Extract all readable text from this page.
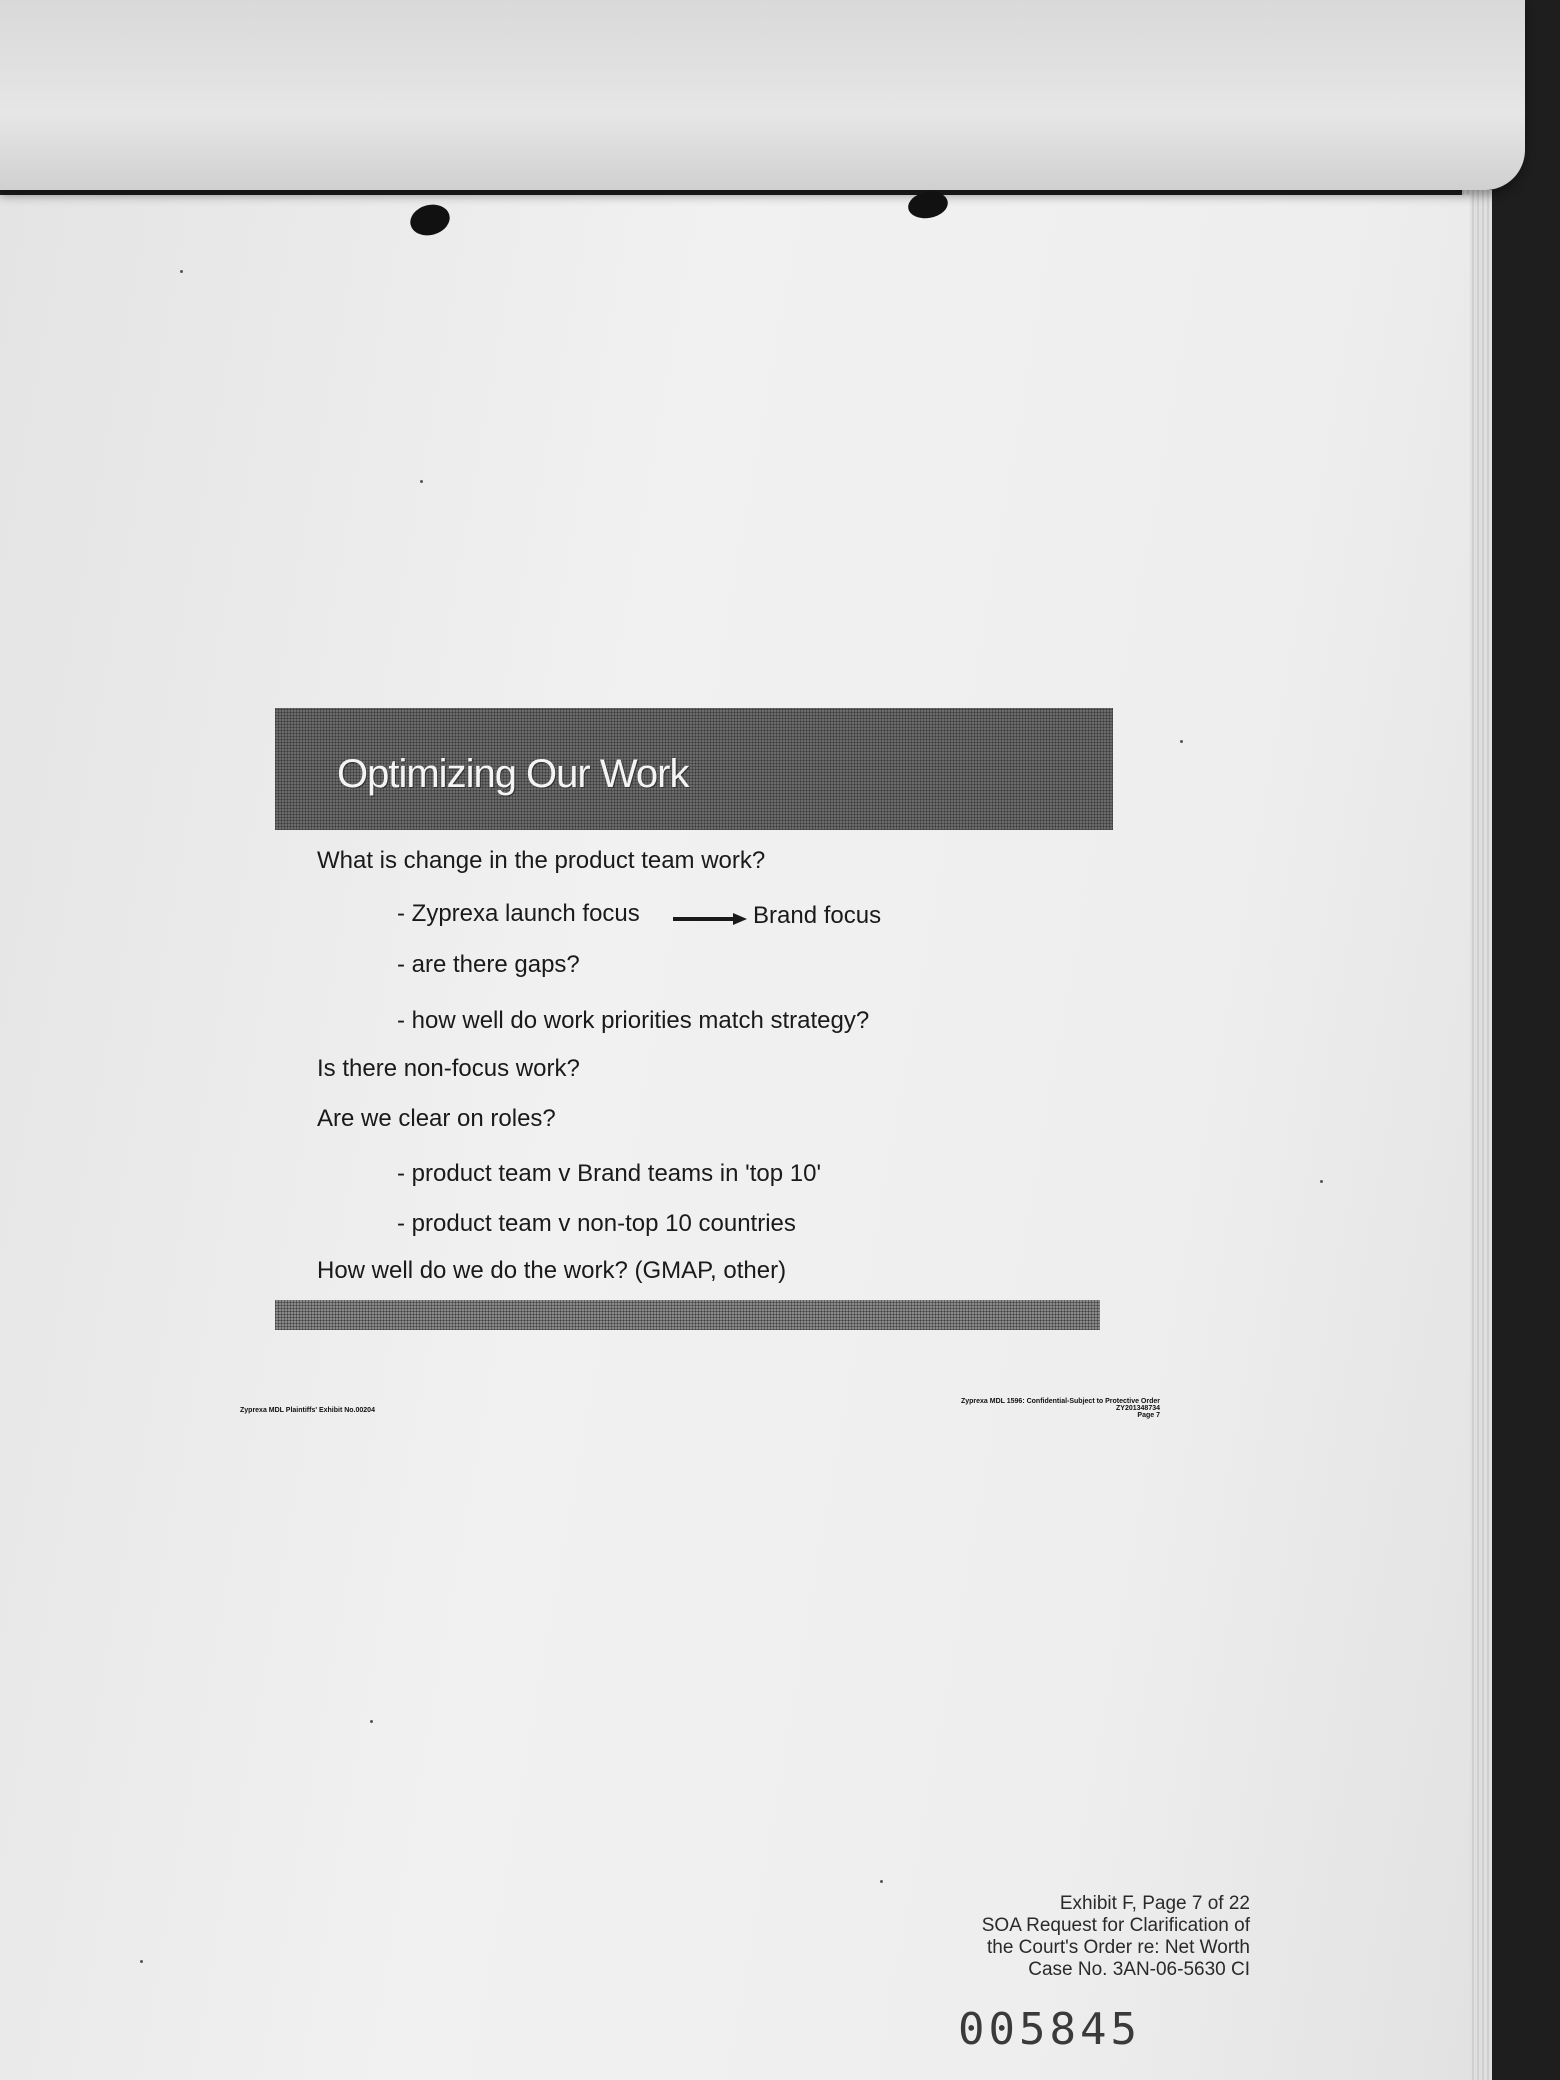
Optimizing Our Work
What is change in the product team work?
- Zyprexa launch focus	Brand focus
- are there gaps?
- how well do work priorities match strategy?
Is there non-focus work?
Are we clear on roles?
- product team v Brand teams in 'top 10'
- product team v non-top 10 countries
How well do we do the work? (GMAP, other)
Zyprexa MDL Plaintiffs' Exhibit No.00204
Zyprexa MDL 1596: Confidential-Subject to Protective Order
ZY201348734
Page 7
Exhibit F, Page 7 of 22
SOA Request for Clarification of
the Court's Order re: Net Worth
Case No. 3AN-06-5630 CI
005845
